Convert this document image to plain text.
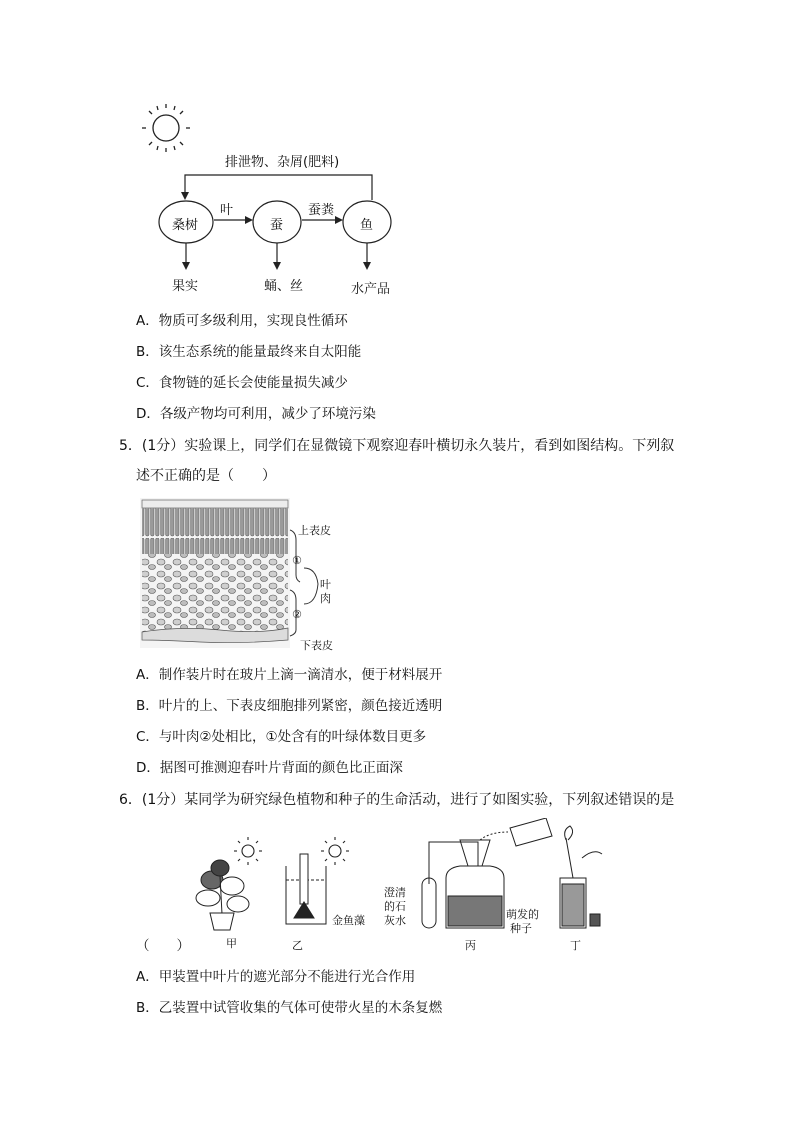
排泄物、杂屑(肥料)
桑树	蚕	鱼
叶	蚕粪
果实	蛹、丝	水产品
A．物质可多级利用，实现良性循环
B．该生态系统的能量最终来自太阳能
C．食物链的延长会使能量损失减少
D．各级产物均可利用，减少了环境污染
5．(1分）实验课上，同学们在显微镜下观察迎春叶横切永久装片，看到如图结构。下列叙
述不正确的是（　　）
上表皮
①
②
叶
肉
下表皮
A．制作装片时在玻片上滴一滴清水，便于材料展开
B．叶片的上、下表皮细胞排列紧密，颜色接近透明
C．与叶肉②处相比，①处含有的叶绿体数目更多
D．据图可推测迎春叶片背面的颜色比正面深
6．(1分）某同学为研究绿色植物和种子的生命活动，进行了如图实验，下列叙述错误的是
甲	乙	丙	丁
金鱼藻
澄清
的石
灰水	萌发的
种子
（　　）
A．甲装置中叶片的遮光部分不能进行光合作用
B．乙装置中试管收集的气体可使带火星的木条复燃
